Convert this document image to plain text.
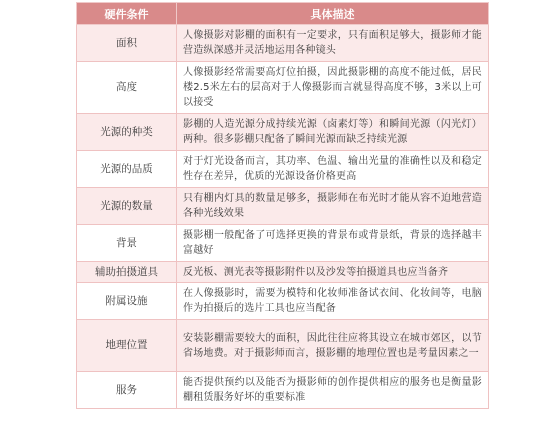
硬件条件	具体描述
面积	人像摄影对影棚的面积有一定要求，只有面积足够大，摄影师才能营造纵深感并灵活地运用各种镜头
高度	人像摄影经常需要高灯位拍摄，因此摄影棚的高度不能过低，居民楼2.5米左右的层高对于人像摄影而言就显得高度不够，3米以上可以接受
光源的种类	影棚的人造光源分成持续光源（卤素灯等）和瞬间光源（闪光灯）两种。很多影棚只配备了瞬间光源而缺乏持续光源
光源的品质	对于灯光设备而言，其功率、色温、输出光量的准确性以及和稳定性存在差异，优质的光源设备价格更高
光源的数量	只有棚内灯具的数量足够多，摄影师在布光时才能从容不迫地营造各种光线效果
背景	摄影棚一般配备了可选择更换的背景布或背景纸，背景的选择越丰富越好
辅助拍摄道具	反光板、测光表等摄影附件以及沙发等拍摄道具也应当备齐
附属设施	在人像摄影时，需要为模特和化妆师准备试衣间、化妆间等，电脑作为拍摄后的选片工具也应当配备
地理位置	安装影棚需要较大的面积，因此往往应将其设立在城市郊区，以节省场地费。对于摄影师而言，摄影棚的地理位置也是考量因素之一
服务	能否提供预约以及能否为摄影师的创作提供相应的服务也是衡量影棚租赁服务好坏的重要标准
